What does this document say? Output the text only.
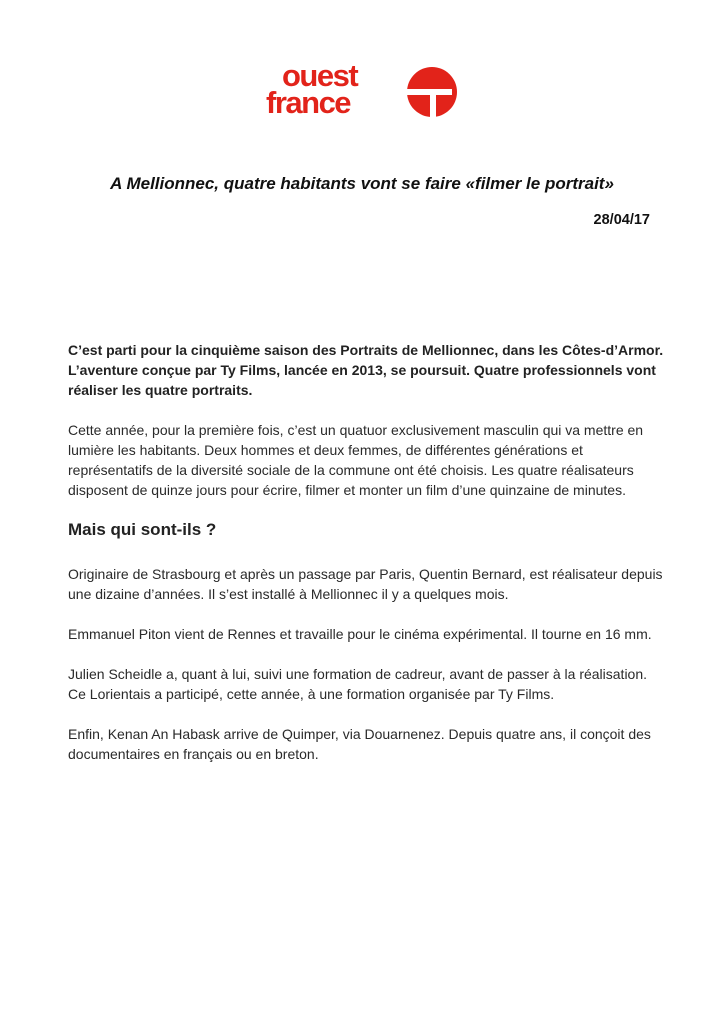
ouest
france
A Mellionnec, quatre habitants vont se faire «filmer le portrait»
28/04/17

C’est parti pour la cinquième saison des Portraits de Mellionnec, dans les Côtes-d’Armor. L’aventure conçue par Ty Films, lancée en 2013, se poursuit. Quatre professionnels vont réaliser les quatre portraits.

Cette année, pour la première fois, c’est un quatuor exclusivement masculin qui va mettre en lumière les habitants. Deux hommes et deux femmes, de différentes générations et représentatifs de la diversité sociale de la commune ont été choisis. Les quatre réalisateurs disposent de quinze jours pour écrire, filmer et monter un film d’une quinzaine de minutes.

Mais qui sont-ils ?

Originaire de Strasbourg et après un passage par Paris, Quentin Bernard, est réalisateur depuis une dizaine d’années. Il s’est installé à Mellionnec il y a quelques mois.

Emmanuel Piton vient de Rennes et travaille pour le cinéma expérimental. Il tourne en 16 mm.

Julien Scheidle a, quant à lui, suivi une formation de cadreur, avant de passer à la réalisation. Ce Lorientais a participé, cette année, à une formation organisée par Ty Films.

Enfin, Kenan An Habask arrive de Quimper, via Douarnenez. Depuis quatre ans, il conçoit des documentaires en français ou en breton.
